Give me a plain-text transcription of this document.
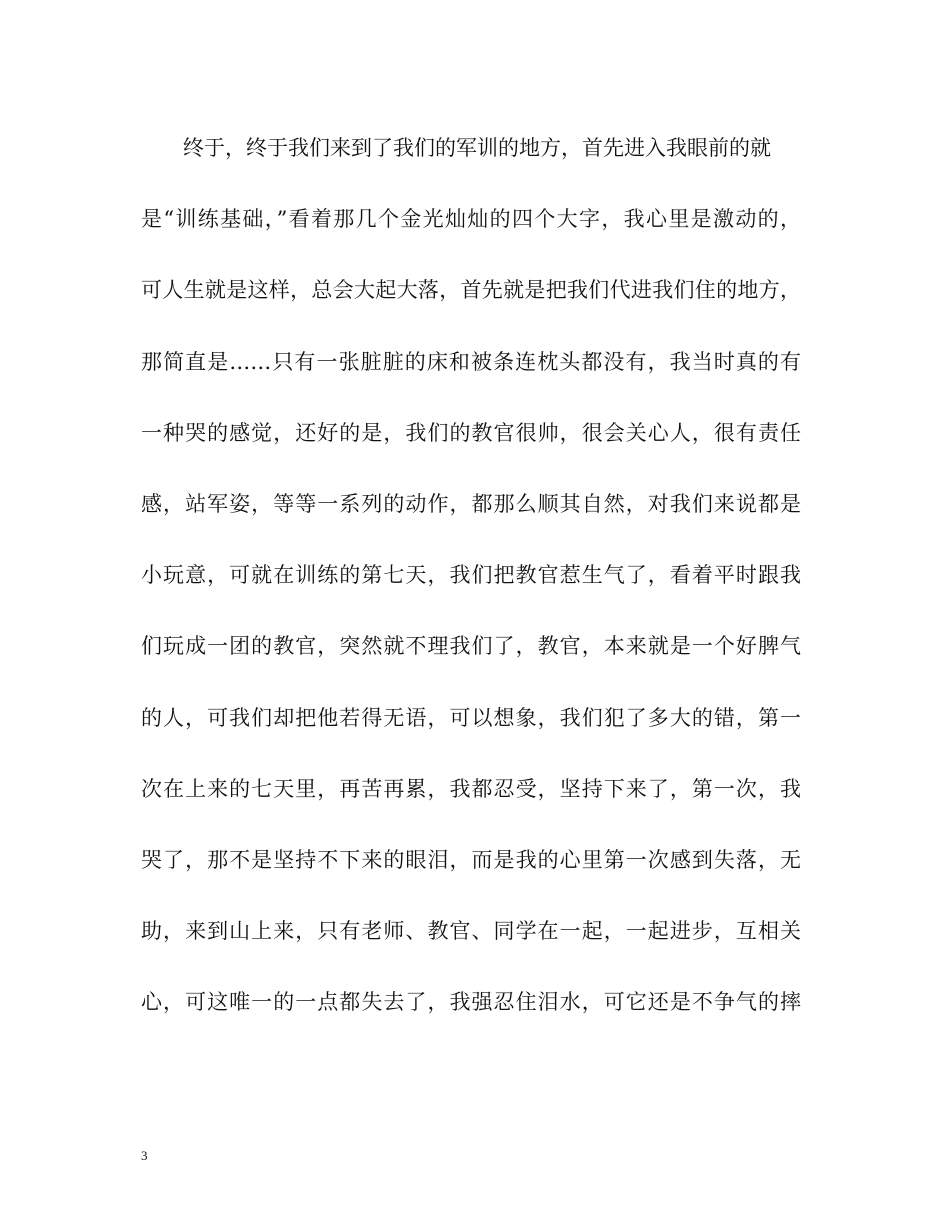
终于，终于我们来到了我们的军训的地方，首先进入我眼前的就
是“训练基础，”看着那几个金光灿灿的四个大字，我心里是激动的，
可人生就是这样，总会大起大落，首先就是把我们代进我们住的地方，
那简直是……只有一张脏脏的床和被条连枕头都没有，我当时真的有
一种哭的感觉，还好的是，我们的教官很帅，很会关心人，很有责任
感，站军姿，等等一系列的动作，都那么顺其自然，对我们来说都是
小玩意，可就在训练的第七天，我们把教官惹生气了，看着平时跟我
们玩成一团的教官，突然就不理我们了，教官，本来就是一个好脾气
的人，可我们却把他若得无语，可以想象，我们犯了多大的错，第一
次在上来的七天里，再苦再累，我都忍受，坚持下来了，第一次，我
哭了，那不是坚持不下来的眼泪，而是我的心里第一次感到失落，无
助，来到山上来，只有老师、教官、同学在一起，一起进步，互相关
心，可这唯一的一点都失去了，我强忍住泪水，可它还是不争气的摔
3
